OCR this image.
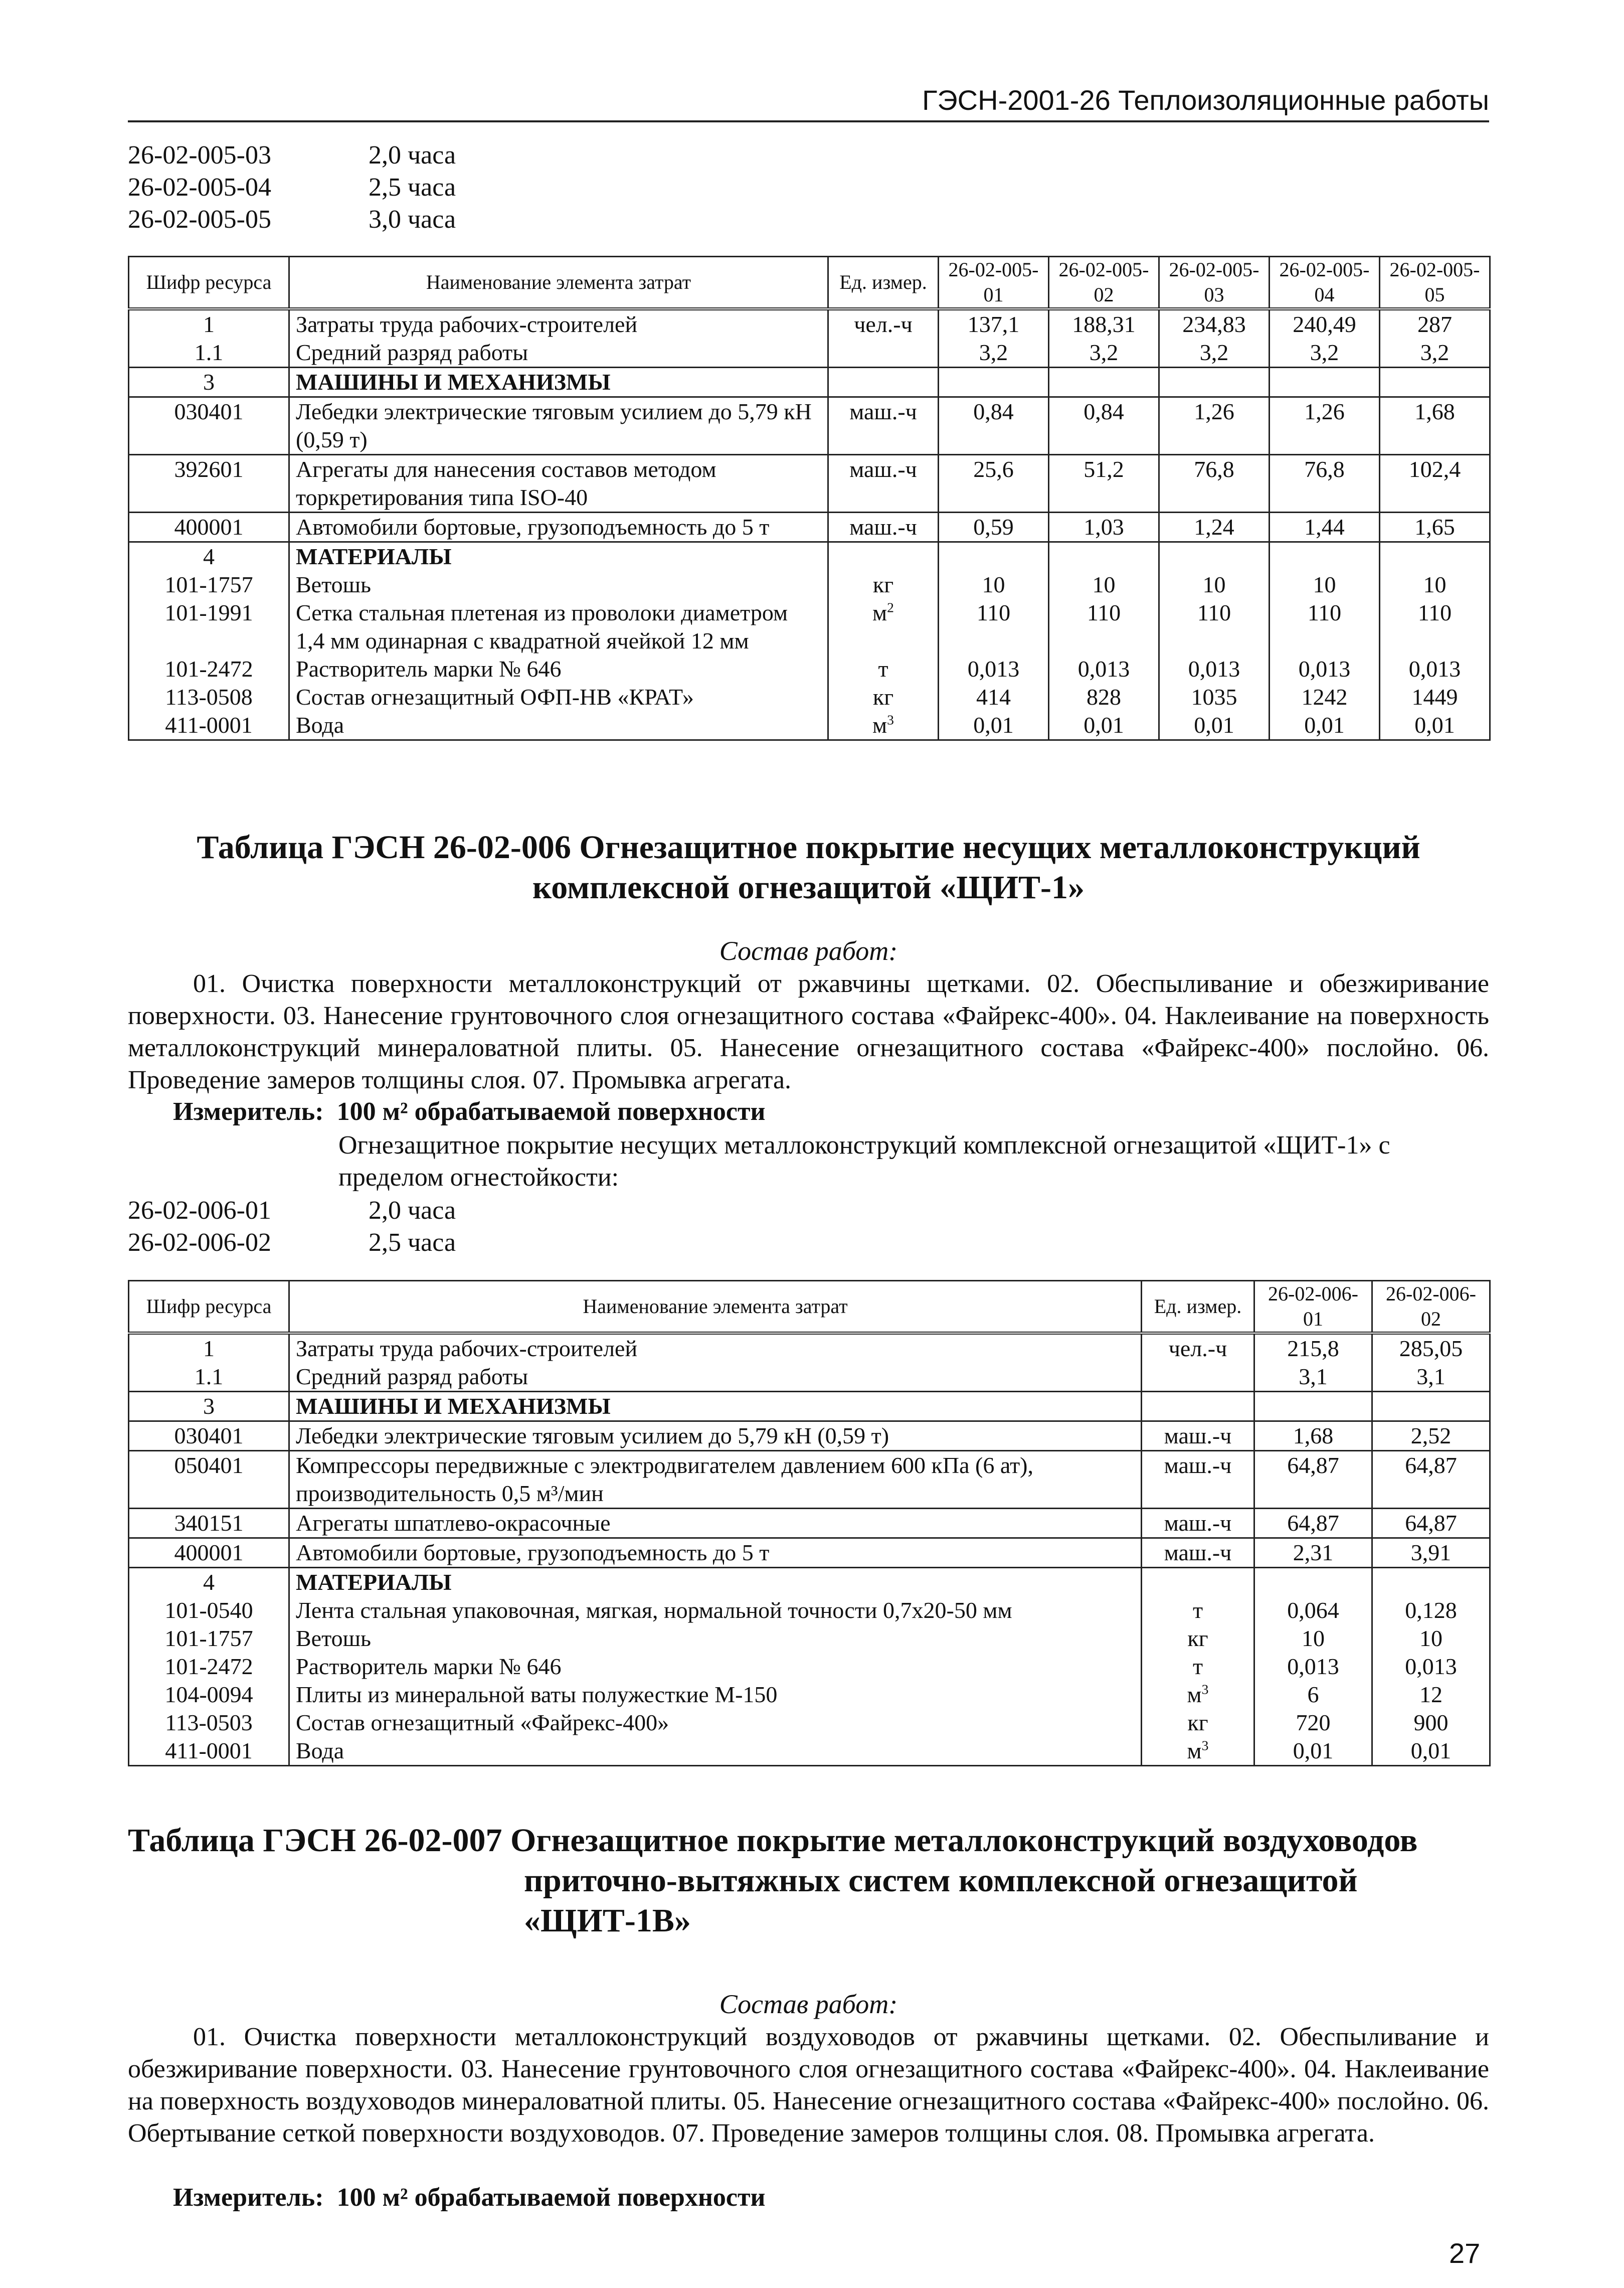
ГЭСН-2001-26 Теплоизоляционные работы
26-02-005-03	2,0 часа
26-02-005-04	2,5 часа
26-02-005-05	3,0 часа
Шифр ресурса	Наименование элемента затрат	Ед. измер.	26-02-005-01	26-02-005-02	26-02-005-03	26-02-005-04	26-02-005-05
1	Затраты труда рабочих-строителей	чел.-ч	137,1	188,31	234,83	240,49	287
1.1	Средний разряд работы		3,2	3,2	3,2	3,2	3,2
3	МАШИНЫ И МЕХАНИЗМЫ						
030401	Лебедки электрические тяговым усилием до 5,79 кН (0,59 т)	маш.-ч	0,84	0,84	1,26	1,26	1,68
392601	Агрегаты для нанесения составов методом торкретирования типа ISO-40	маш.-ч	25,6	51,2	76,8	76,8	102,4
400001	Автомобили бортовые, грузоподъемность до 5 т	маш.-ч	0,59	1,03	1,24	1,44	1,65
4	МАТЕРИАЛЫ						
101-1757	Ветошь	кг	10	10	10	10	10
101-1991	Сетка стальная плетеная из проволоки диаметром 1,4 мм одинарная с квадратной ячейкой 12 мм	$м^2$	110	110	110	110	110
101-2472	Растворитель марки № 646	т	0,013	0,013	0,013	0,013	0,013
113-0508	Состав огнезащитный ОФП-НВ «КРАТ»	кг	414	828	1035	1242	1449
411-0001	Вода	$м^3$	0,01	0,01	0,01	0,01	0,01
Таблица ГЭСН 26-02-006 Огнезащитное покрытие несущих металлоконструкций комплексной огнезащитой «ЩИТ-1»
Состав работ:
01. Очистка поверхности металлоконструкций от ржавчины щетками. 02. Обеспыливание и обезжиривание поверхности. 03. Нанесение грунтовочного слоя огнезащитного состава «Файрекс-400». 04. Наклеивание на поверхность металлоконструкций минераловатной плиты. 05. Нанесение огнезащитного состава «Файрекс-400» послойно. 06. Проведение замеров толщины слоя. 07. Промывка агрегата.
Измеритель: 100 м² обрабатываемой поверхности
Огнезащитное покрытие несущих металлоконструкций комплексной огнезащитой «ЩИТ-1» с пределом огнестойкости:
26-02-006-01	2,0 часа
26-02-006-02	2,5 часа
Шифр ресурса	Наименование элемента затрат	Ед. измер.	26-02-006-01	26-02-006-02
1	Затраты труда рабочих-строителей	чел.-ч	215,8	285,05
1.1	Средний разряд работы		3,1	3,1
3	МАШИНЫ И МЕХАНИЗМЫ			
030401	Лебедки электрические тяговым усилием до 5,79 кН (0,59 т)	маш.-ч	1,68	2,52
050401	Компрессоры передвижные с электродвигателем давлением 600 кПа (6 ат), производительность 0,5 м³/мин	маш.-ч	64,87	64,87
340151	Агрегаты шпатлево-окрасочные	маш.-ч	64,87	64,87
400001	Автомобили бортовые, грузоподъемность до 5 т	маш.-ч	2,31	3,91
4	МАТЕРИАЛЫ			
101-0540	Лента стальная упаковочная, мягкая, нормальной точности 0,7х20-50 мм	т	0,064	0,128
101-1757	Ветошь	кг	10	10
101-2472	Растворитель марки № 646	т	0,013	0,013
104-0094	Плиты из минеральной ваты полужесткие М-150	$м^3$	6	12
113-0503	Состав огнезащитный «Файрекс-400»	кг	720	900
411-0001	Вода	$м^3$	0,01	0,01
Таблица ГЭСН 26-02-007 Огнезащитное покрытие металлоконструкций воздуховодов
приточно-вытяжных систем комплексной огнезащитой
«ЩИТ-1В»
Состав работ:
01. Очистка поверхности металлоконструкций воздуховодов от ржавчины щетками. 02. Обеспыливание и обезжиривание поверхности. 03. Нанесение грунтовочного слоя огнезащитного состава «Файрекс-400». 04. Наклеивание на поверхность воздуховодов минераловатной плиты. 05. Нанесение огнезащитного состава «Файрекс-400» послойно. 06. Обертывание сеткой поверхности воздуховодов. 07. Проведение замеров толщины слоя. 08. Промывка агрегата.
Измеритель: 100 м² обрабатываемой поверхности
27
